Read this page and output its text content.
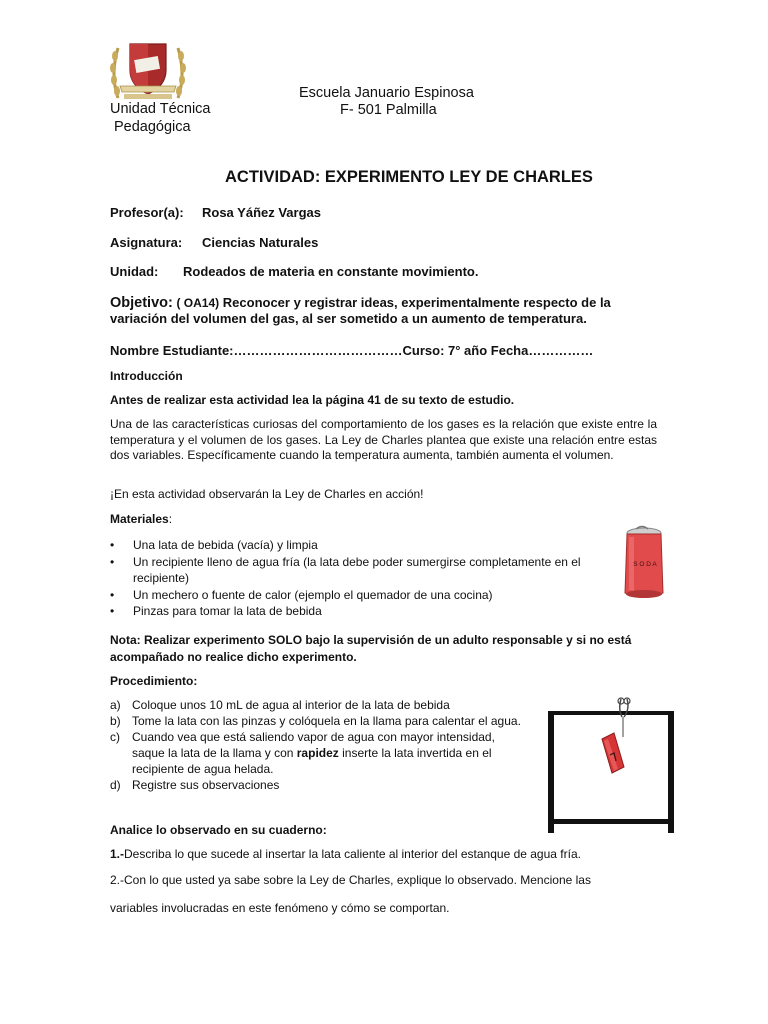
Escuela Januario Espinosa
F- 501 Palmilla
Unidad Técnica
Pedagógica
ACTIVIDAD: EXPERIMENTO LEY DE CHARLES
Profesor(a): Rosa Yáñez Vargas
Asignatura: Ciencias Naturales
Unidad: Rodeados de materia en constante movimiento.
Objetivo: ( OA14) Reconocer y registrar ideas, experimentalmente respecto de la variación del volumen del gas, al ser sometido a un aumento de temperatura.
Nombre Estudiante:…………………………………Curso: 7° año Fecha……………
Introducción
Antes de realizar esta actividad lea la página 41 de su texto de estudio.
Una de las características curiosas del comportamiento de los gases es la relación que existe entre la temperatura y el volumen de los gases. La Ley de Charles plantea que existe una relación entre estas dos variables. Específicamente cuando la temperatura aumenta, también aumenta el volumen.
¡En esta actividad observarán la Ley de Charles en acción!
Materiales:
• Una lata de bebida (vacía) y limpia
• Un recipiente lleno de agua fría (la lata debe poder sumergirse completamente en el recipiente)
• Un mechero o fuente de calor (ejemplo el quemador de una cocina)
• Pinzas para tomar la lata de bebida
S O D A
Nota: Realizar experimento SOLO bajo la supervisión de un adulto responsable y si no está acompañado no realice dicho experimento.
Procedimiento:
a) Coloque unos 10 mL de agua al interior de la lata de bebida
b) Tome la lata con las pinzas y colóquela en la llama para calentar el agua.
c) Cuando vea que está saliendo vapor de agua con mayor intensidad, saque la lata de la llama y con rapidez inserte la lata invertida en el recipiente de agua helada.
d) Registre sus observaciones
Analice lo observado en su cuaderno:
1.-Describa lo que sucede al insertar la lata caliente al interior del estanque de agua fría.
2.-Con lo que usted ya sabe sobre la Ley de Charles, explique lo observado. Mencione las
variables involucradas en este fenómeno y cómo se comportan.
